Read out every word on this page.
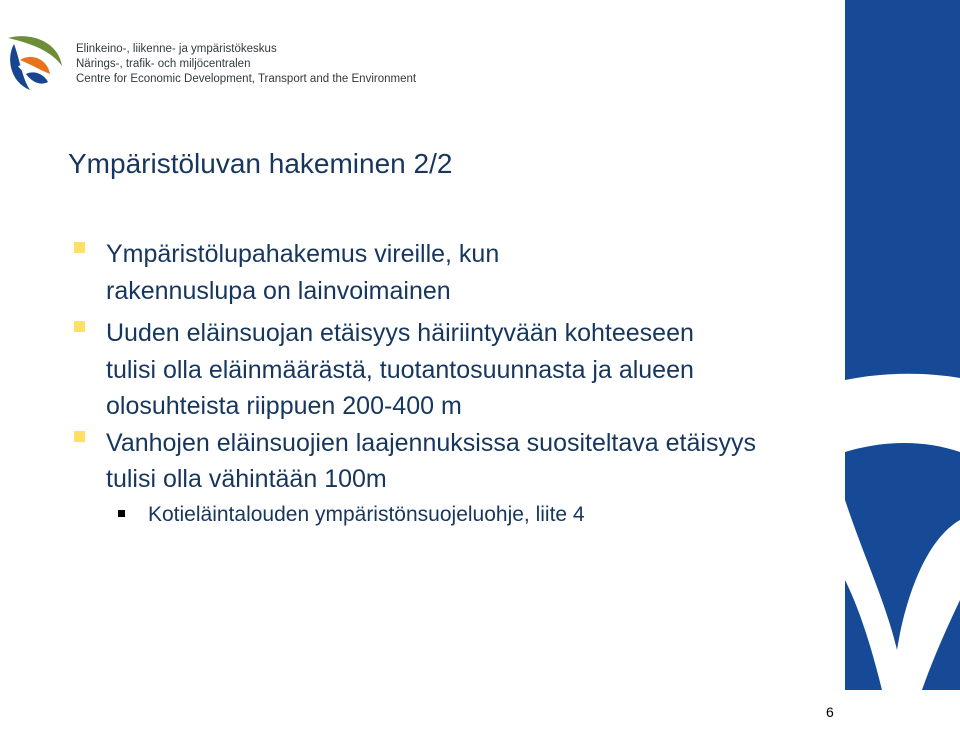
Elinkeino-, liikenne- ja ympäristökeskus
Närings-, trafik- och miljöcentralen
Centre for Economic Development, Transport and the Environment
Ympäristöluvan hakeminen 2/2
Ympäristölupahakemus vireille, kun rakennuslupa on lainvoimainen
Uuden eläinsuojan etäisyys häiriintyvään kohteeseen tulisi olla eläinmäärästä, tuotantosuunnasta ja alueen olosuhteista riippuen 200-400 m
Vanhojen eläinsuojien laajennuksissa suositeltava etäisyys tulisi olla vähintään 100m
Kotieläintalouden ympäristönsuojeluohje, liite 4
6
